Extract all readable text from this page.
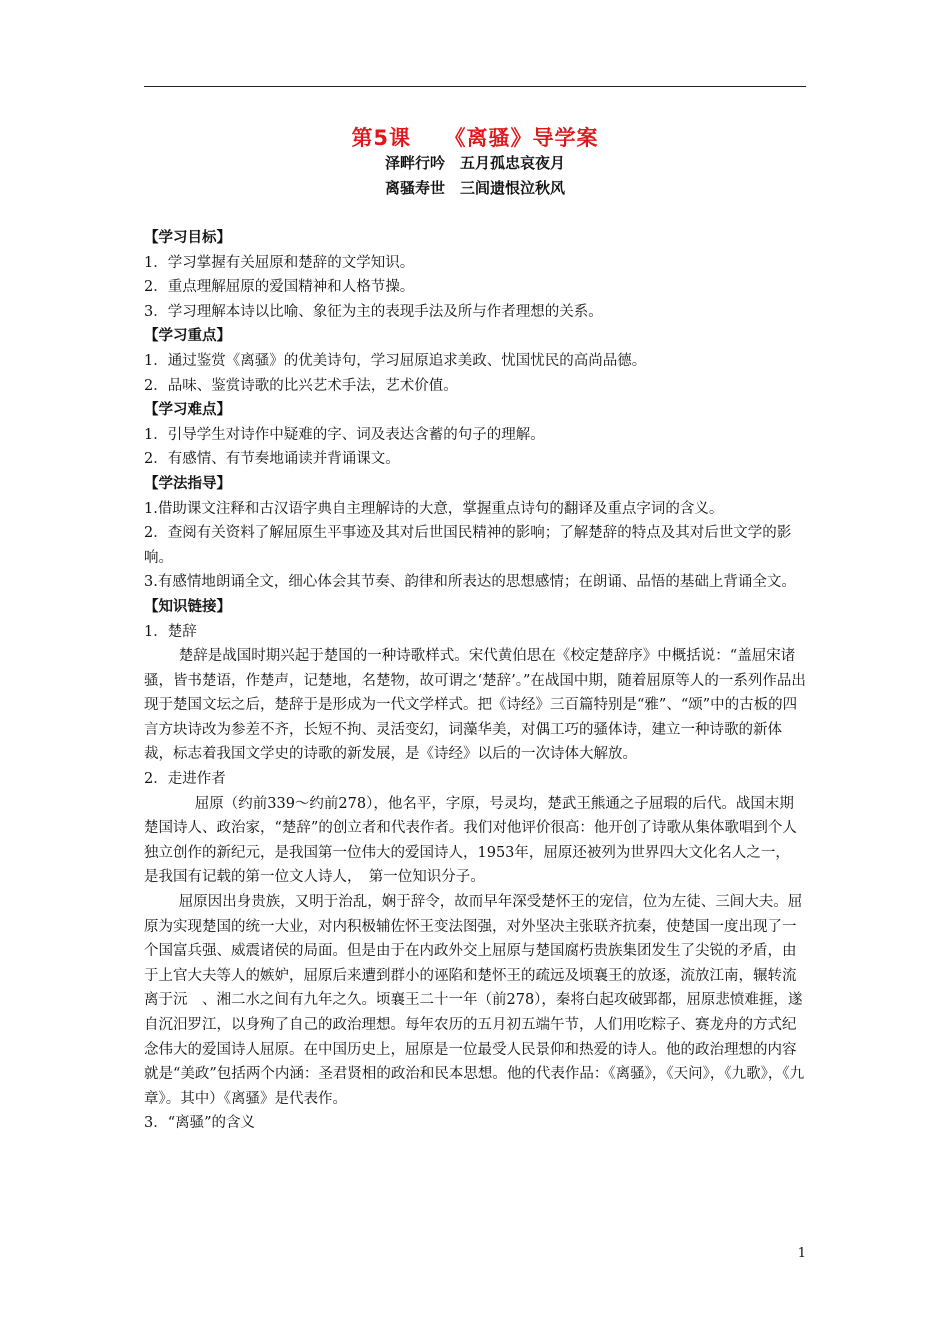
第5课　　《离骚》导学案
泽畔行吟　五月孤忠哀夜月
离骚寿世　三闾遗恨泣秋风

【学习目标】

1．学习掌握有关屈原和楚辞的文学知识。

2．重点理解屈原的爱国精神和人格节操。

3．学习理解本诗以比喻、象征为主的表现手法及所与作者理想的关系。

【学习重点】

1．通过鉴赏《离骚》的优美诗句，学习屈原追求美政、忧国忧民的高尚品德。

2．品味、鉴赏诗歌的比兴艺术手法，艺术价值。

【学习难点】

1．引导学生对诗作中疑难的字、词及表达含蓄的句子的理解。

2．有感情、有节奏地诵读并背诵课文。

【学法指导】

1.借助课文注释和古汉语字典自主理解诗的大意，掌握重点诗句的翻译及重点字词的含义。

2．查阅有关资料了解屈原生平事迹及其对后世国民精神的影响；了解楚辞的特点及其对后世文学的影响。

3.有感情地朗诵全文，细心体会其节奏、韵律和所表达的思想感情；在朗诵、品悟的基础上背诵全文。

【知识链接】

1．楚辞

楚辞是战国时期兴起于楚国的一种诗歌样式。宋代黄伯思在《校定楚辞序》中概括说：“盖屈宋诸骚，皆书楚语，作楚声，记楚地，名楚物，故可谓之‘楚辞’。”在战国中期，随着屈原等人的一系列作品出现于楚国文坛之后，楚辞于是形成为一代文学样式。把《诗经》三百篇特别是“雅”、“颂”中的古板的四言方块诗改为参差不齐，长短不拘、灵活变幻，词藻华美，对偶工巧的骚体诗，建立一种诗歌的新体裁，标志着我国文学史的诗歌的新发展，是《诗经》以后的一次诗体大解放。

2．走进作者

屈原（约前339～约前278），他名平，字原，号灵均，楚武王熊通之子屈瑕的后代。战国末期楚国诗人、政治家，“楚辞”的创立者和代表作者。我们对他评价很高：他开创了诗歌从集体歌唱到个人独立创作的新纪元，是我国第一位伟大的爱国诗人，1953年，屈原还被列为世界四大文化名人之一，　是我国有记载的第一位文人诗人，　第一位知识分子。

屈原因出身贵族，又明于治乱，娴于辞令，故而早年深受楚怀王的宠信，位为左徒、三闾大夫。屈原为实现楚国的统一大业，对内积极辅佐怀王变法图强，对外坚决主张联齐抗秦，使楚国一度出现了一个国富兵强、威震诸侯的局面。但是由于在内政外交上屈原与楚国腐朽贵族集团发生了尖锐的矛盾，由于上官大夫等人的嫉妒，屈原后来遭到群小的诬陷和楚怀王的疏远及顷襄王的放逐，流放江南，辗转流离于沅　、湘二水之间有九年之久。顷襄王二十一年（前278），秦将白起攻破郢都，屈原悲愤难捱，遂自沉汨罗江，以身殉了自己的政治理想。每年农历的五月初五端午节，人们用吃粽子、赛龙舟的方式纪念伟大的爱国诗人屈原。在中国历史上，屈原是一位最受人民景仰和热爱的诗人。他的政治理想的内容就是“美政”包括两个内涵：圣君贤相的政治和民本思想。他的代表作品：《离骚》，《天问》，《九歌》，《九章》。其中）《离骚》是代表作。

3．“离骚”的含义

1
